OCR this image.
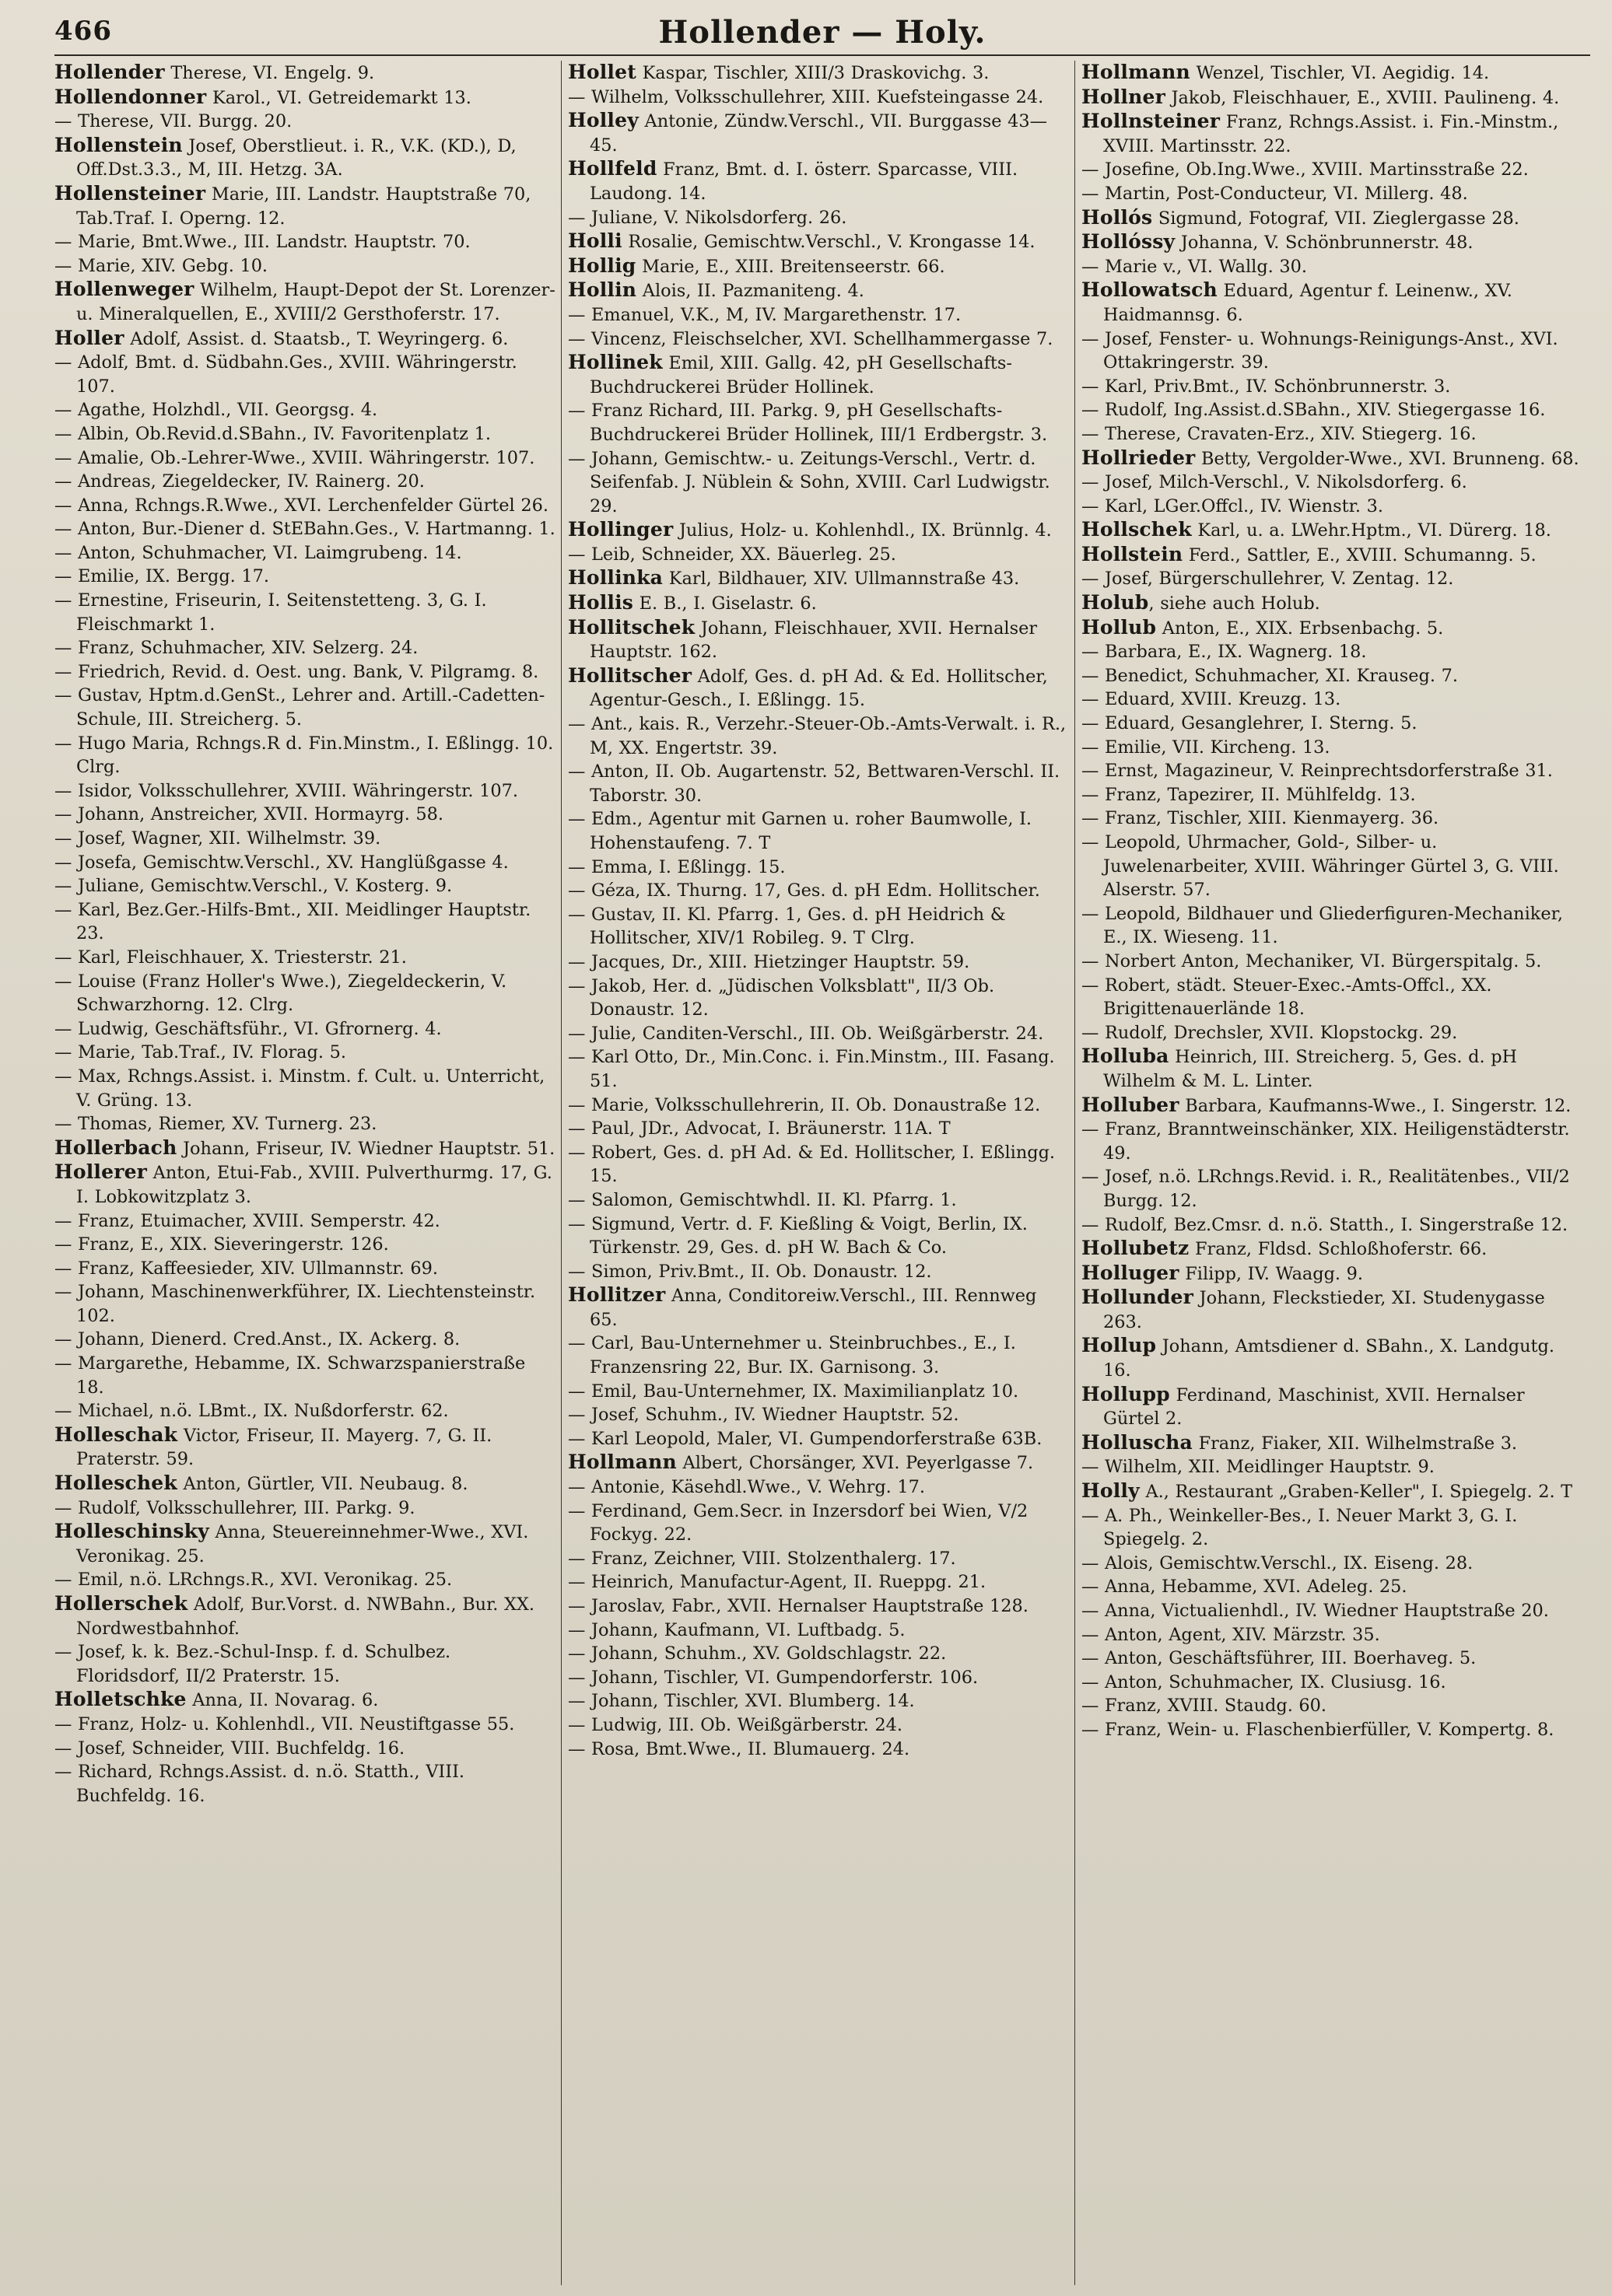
466	Hollender — Holy.

Hollender Therese, VI. Engelg. 9.

Hollendonner Karol., VI. Getreidemarkt 13.

— Therese, VII. Burgg. 20.

Hollenstein Josef, Oberstlieut. i. R., V.K. (KD.), D, Off.Dst.3.3., M, III. Hetzg. 3A.

Hollensteiner Marie, III. Landstr. Hauptstraße 70, Tab.Traf. I. Operng. 12.

— Marie, Bmt.Wwe., III. Landstr. Hauptstr. 70.

— Marie, XIV. Gebg. 10.

Hollenweger Wilhelm, Haupt-Depot der St. Lorenzer- u. Mineralquellen, E., XVIII/2 Gersthoferstr. 17.

Holler Adolf, Assist. d. Staatsb., T. Weyringerg. 6.

— Adolf, Bmt. d. Südbahn.Ges., XVIII. Währingerstr. 107.

— Agathe, Holzhdl., VII. Georgsg. 4.

— Albin, Ob.Revid.d.SBahn., IV. Favoritenplatz 1.

— Amalie, Ob.-Lehrer-Wwe., XVIII. Währingerstr. 107.

— Andreas, Ziegeldecker, IV. Rainerg. 20.

— Anna, Rchngs.R.Wwe., XVI. Lerchenfelder Gürtel 26.

— Anton, Bur.-Diener d. StEBahn.Ges., V. Hartmanng. 1.

— Anton, Schuhmacher, VI. Laimgrubeng. 14.

— Emilie, IX. Bergg. 17.

— Ernestine, Friseurin, I. Seitenstetteng. 3, G. I. Fleischmarkt 1.

— Franz, Schuhmacher, XIV. Selzerg. 24.

— Friedrich, Revid. d. Oest. ung. Bank, V. Pilgramg. 8.

— Gustav, Hptm.d.GenSt., Lehrer and. Artill.-Cadetten-Schule, III. Streicherg. 5.

— Hugo Maria, Rchngs.R d. Fin.Minstm., I. Eßlingg. 10. Clrg.

— Isidor, Volksschullehrer, XVIII. Währingerstr. 107.

— Johann, Anstreicher, XVII. Hormayrg. 58.

— Josef, Wagner, XII. Wilhelmstr. 39.

— Josefa, Gemischtw.Verschl., XV. Hanglüßgasse 4.

— Juliane, Gemischtw.Verschl., V. Kosterg. 9.

— Karl, Bez.Ger.-Hilfs-Bmt., XII. Meidlinger Hauptstr. 23.

— Karl, Fleischhauer, X. Triesterstr. 21.

— Louise (Franz Holler's Wwe.), Ziegeldeckerin, V. Schwarzhorng. 12. Clrg.

— Ludwig, Geschäftsführ., VI. Gfrornerg. 4.

— Marie, Tab.Traf., IV. Florag. 5.

— Max, Rchngs.Assist. i. Minstm. f. Cult. u. Unterricht, V. Grüng. 13.

— Thomas, Riemer, XV. Turnerg. 23.

Hollerbach Johann, Friseur, IV. Wiedner Hauptstr. 51.

Hollerer Anton, Etui-Fab., XVIII. Pulverthurmg. 17, G. I. Lobkowitzplatz 3.

— Franz, Etuimacher, XVIII. Semperstr. 42.

— Franz, E., XIX. Sieveringerstr. 126.

— Franz, Kaffeesieder, XIV. Ullmannstr. 69.

— Johann, Maschinenwerkführer, IX. Liechtensteinstr. 102.

— Johann, Dienerd. Cred.Anst., IX. Ackerg. 8.

— Margarethe, Hebamme, IX. Schwarzspanierstraße 18.

— Michael, n.ö. LBmt., IX. Nußdorferstr. 62.

Holleschak Victor, Friseur, II. Mayerg. 7, G. II. Praterstr. 59.

Holleschek Anton, Gürtler, VII. Neubaug. 8.

— Rudolf, Volksschullehrer, III. Parkg. 9.

Holleschinsky Anna, Steuereinnehmer-Wwe., XVI. Veronikag. 25.

— Emil, n.ö. LRchngs.R., XVI. Veronikag. 25.

Hollerschek Adolf, Bur.Vorst. d. NWBahn., Bur. XX. Nordwestbahnhof.

— Josef, k. k. Bez.-Schul-Insp. f. d. Schulbez. Floridsdorf, II/2 Praterstr. 15.

Holletschke Anna, II. Novarag. 6.

— Franz, Holz- u. Kohlenhdl., VII. Neustiftgasse 55.

— Josef, Schneider, VIII. Buchfeldg. 16.

— Richard, Rchngs.Assist. d. n.ö. Statth., VIII. Buchfeldg. 16.

Hollet Kaspar, Tischler, XIII/3 Draskovichg. 3.

— Wilhelm, Volksschullehrer, XIII. Kuefsteingasse 24.

Holley Antonie, Zündw.Verschl., VII. Burggasse 43—45.

Hollfeld Franz, Bmt. d. I. österr. Sparcasse, VIII. Laudong. 14.

— Juliane, V. Nikolsdorferg. 26.

Holli Rosalie, Gemischtw.Verschl., V. Krongasse 14.

Hollig Marie, E., XIII. Breitenseerstr. 66.

Hollin Alois, II. Pazmaniteng. 4.

— Emanuel, V.K., M, IV. Margarethenstr. 17.

— Vincenz, Fleischselcher, XVI. Schellhammergasse 7.

Hollinek Emil, XIII. Gallg. 42, pH Gesellschafts-Buchdruckerei Brüder Hollinek.

— Franz Richard, III. Parkg. 9, pH Gesellschafts-Buchdruckerei Brüder Hollinek, III/1 Erdbergstr. 3.

— Johann, Gemischtw.- u. Zeitungs-Verschl., Vertr. d. Seifenfab. J. Nüblein & Sohn, XVIII. Carl Ludwigstr. 29.

Hollinger Julius, Holz- u. Kohlenhdl., IX. Brünnlg. 4.

— Leib, Schneider, XX. Bäuerleg. 25.

Hollinka Karl, Bildhauer, XIV. Ullmannstraße 43.

Hollis E. B., I. Giselastr. 6.

Hollitschek Johann, Fleischhauer, XVII. Hernalser Hauptstr. 162.

Hollitscher Adolf, Ges. d. pH Ad. & Ed. Hollitscher, Agentur-Gesch., I. Eßlingg. 15.

— Ant., kais. R., Verzehr.-Steuer-Ob.-Amts-Verwalt. i. R., M, XX. Engertstr. 39.

— Anton, II. Ob. Augartenstr. 52, Bettwaren-Verschl. II. Taborstr. 30.

— Edm., Agentur mit Garnen u. roher Baumwolle, I. Hohenstaufeng. 7. T

— Emma, I. Eßlingg. 15.

— Géza, IX. Thurng. 17, Ges. d. pH Edm. Hollitscher.

— Gustav, II. Kl. Pfarrg. 1, Ges. d. pH Heidrich & Hollitscher, XIV/1 Robileg. 9. T Clrg.

— Jacques, Dr., XIII. Hietzinger Hauptstr. 59.

— Jakob, Her. d. „Jüdischen Volksblatt", II/3 Ob. Donaustr. 12.

— Julie, Canditen-Verschl., III. Ob. Weißgärberstr. 24.

— Karl Otto, Dr., Min.Conc. i. Fin.Minstm., III. Fasang. 51.

— Marie, Volksschullehrerin, II. Ob. Donaustraße 12.

— Paul, JDr., Advocat, I. Bräunerstr. 11A. T

— Robert, Ges. d. pH Ad. & Ed. Hollitscher, I. Eßlingg. 15.

— Salomon, Gemischtwhdl. II. Kl. Pfarrg. 1.

— Sigmund, Vertr. d. F. Kießling & Voigt, Berlin, IX. Türkenstr. 29, Ges. d. pH W. Bach & Co.

— Simon, Priv.Bmt., II. Ob. Donaustr. 12.

Hollitzer Anna, Conditoreiw.Verschl., III. Rennweg 65.

— Carl, Bau-Unternehmer u. Steinbruchbes., E., I. Franzensring 22, Bur. IX. Garnisong. 3.

— Emil, Bau-Unternehmer, IX. Maximilianplatz 10.

— Josef, Schuhm., IV. Wiedner Hauptstr. 52.

— Karl Leopold, Maler, VI. Gumpendorferstraße 63B.

Hollmann Albert, Chorsänger, XVI. Peyerlgasse 7.

— Antonie, Käsehdl.Wwe., V. Wehrg. 17.

— Ferdinand, Gem.Secr. in Inzersdorf bei Wien, V/2 Fockyg. 22.

— Franz, Zeichner, VIII. Stolzenthalerg. 17.

— Heinrich, Manufactur-Agent, II. Rueppg. 21.

— Jaroslav, Fabr., XVII. Hernalser Hauptstraße 128.

— Johann, Kaufmann, VI. Luftbadg. 5.

— Johann, Schuhm., XV. Goldschlagstr. 22.

— Johann, Tischler, VI. Gumpendorferstr. 106.

— Johann, Tischler, XVI. Blumberg. 14.

— Ludwig, III. Ob. Weißgärberstr. 24.

— Rosa, Bmt.Wwe., II. Blumauerg. 24.

Hollmann Wenzel, Tischler, VI. Aegidig. 14.

Hollner Jakob, Fleischhauer, E., XVIII. Paulineng. 4.

Hollnsteiner Franz, Rchngs.Assist. i. Fin.-Minstm., XVIII. Martinsstr. 22.

— Josefine, Ob.Ing.Wwe., XVIII. Martinsstraße 22.

— Martin, Post-Conducteur, VI. Millerg. 48.

Hollós Sigmund, Fotograf, VII. Zieglergasse 28.

Hollóssy Johanna, V. Schönbrunnerstr. 48.

— Marie v., VI. Wallg. 30.

Hollowatsch Eduard, Agentur f. Leinenw., XV. Haidmannsg. 6.

— Josef, Fenster- u. Wohnungs-Reinigungs-Anst., XVI. Ottakringerstr. 39.

— Karl, Priv.Bmt., IV. Schönbrunnerstr. 3.

— Rudolf, Ing.Assist.d.SBahn., XIV. Stiegergasse 16.

— Therese, Cravaten-Erz., XIV. Stiegerg. 16.

Hollrieder Betty, Vergolder-Wwe., XVI. Brunneng. 68.

— Josef, Milch-Verschl., V. Nikolsdorferg. 6.

— Karl, LGer.Offcl., IV. Wienstr. 3.

Hollschek Karl, u. a. LWehr.Hptm., VI. Dürerg. 18.

Hollstein Ferd., Sattler, E., XVIII. Schumanng. 5.

— Josef, Bürgerschullehrer, V. Zentag. 12.

Holub, siehe auch Holub.

Hollub Anton, E., XIX. Erbsenbachg. 5.

— Barbara, E., IX. Wagnerg. 18.

— Benedict, Schuhmacher, XI. Krauseg. 7.

— Eduard, XVIII. Kreuzg. 13.

— Eduard, Gesanglehrer, I. Sterng. 5.

— Emilie, VII. Kircheng. 13.

— Ernst, Magazineur, V. Reinprechtsdorferstraße 31.

— Franz, Tapezirer, II. Mühlfeldg. 13.

— Franz, Tischler, XIII. Kienmayerg. 36.

— Leopold, Uhrmacher, Gold-, Silber- u. Juwelenarbeiter, XVIII. Währinger Gürtel 3, G. VIII. Alserstr. 57.

— Leopold, Bildhauer und Gliederfiguren-Mechaniker, E., IX. Wieseng. 11.

— Norbert Anton, Mechaniker, VI. Bürgerspitalg. 5.

— Robert, städt. Steuer-Exec.-Amts-Offcl., XX. Brigittenauerlände 18.

— Rudolf, Drechsler, XVII. Klopstockg. 29.

Holluba Heinrich, III. Streicherg. 5, Ges. d. pH Wilhelm & M. L. Linter.

Holluber Barbara, Kaufmanns-Wwe., I. Singerstr. 12.

— Franz, Branntweinschänker, XIX. Heiligenstädterstr. 49.

— Josef, n.ö. LRchngs.Revid. i. R., Realitätenbes., VII/2 Burgg. 12.

— Rudolf, Bez.Cmsr. d. n.ö. Statth., I. Singerstraße 12.

Hollubetz Franz, Fldsd. Schloßhoferstr. 66.

Holluger Filipp, IV. Waagg. 9.

Hollunder Johann, Fleckstieder, XI. Studenygasse 263.

Hollup Johann, Amtsdiener d. SBahn., X. Landgutg. 16.

Hollupp Ferdinand, Maschinist, XVII. Hernalser Gürtel 2.

Holluscha Franz, Fiaker, XII. Wilhelmstraße 3.

— Wilhelm, XII. Meidlinger Hauptstr. 9.

Holly A., Restaurant „Graben-Keller", I. Spiegelg. 2. T

— A. Ph., Weinkeller-Bes., I. Neuer Markt 3, G. I. Spiegelg. 2.

— Alois, Gemischtw.Verschl., IX. Eiseng. 28.

— Anna, Hebamme, XVI. Adeleg. 25.

— Anna, Victualienhdl., IV. Wiedner Hauptstraße 20.

— Anton, Agent, XIV. Märzstr. 35.

— Anton, Geschäftsführer, III. Boerhaveg. 5.

— Anton, Schuhmacher, IX. Clusiusg. 16.

— Franz, XVIII. Staudg. 60.

— Franz, Wein- u. Flaschenbierfüller, V. Kompertg. 8.
